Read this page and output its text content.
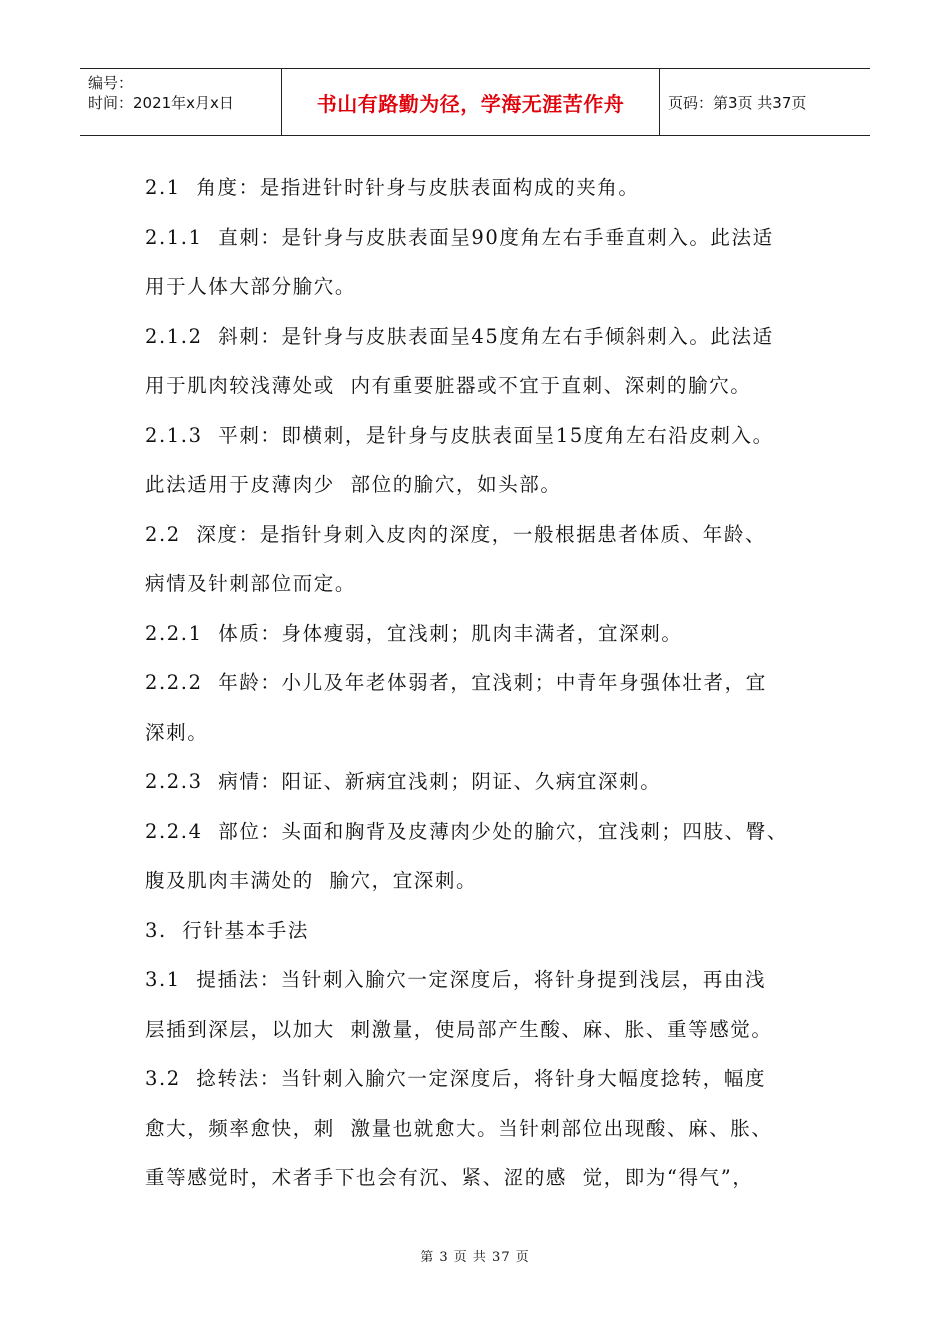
编号：
时间：2021年x月x日	书山有路勤为径，学海无涯苦作舟	页码：第3页 共37页
2.1  角度：是指进针时针身与皮肤表面构成的夹角。
2.1.1  直刺：是针身与皮肤表面呈90度角左右手垂直刺入。此法适
用于人体大部分腧穴。
2.1.2  斜刺：是针身与皮肤表面呈45度角左右手倾斜刺入。此法适
用于肌肉较浅薄处或  内有重要脏器或不宜于直刺、深刺的腧穴。
2.1.3  平刺：即横刺，是针身与皮肤表面呈15度角左右沿皮刺入。
此法适用于皮薄肉少  部位的腧穴，如头部。
2.2  深度：是指针身刺入皮肉的深度，一般根据患者体质、年龄、
病情及针刺部位而定。
2.2.1  体质：身体瘦弱，宜浅刺；肌肉丰满者，宜深刺。
2.2.2  年龄：小儿及年老体弱者，宜浅刺；中青年身强体壮者，宜
深刺。
2.2.3  病情：阳证、新病宜浅刺；阴证、久病宜深刺。
2.2.4  部位：头面和胸背及皮薄肉少处的腧穴，宜浅刺；四肢、臀、
腹及肌肉丰满处的  腧穴，宜深刺。
3.  行针基本手法
3.1  提插法：当针刺入腧穴一定深度后，将针身提到浅层，再由浅
层插到深层，以加大  刺激量，使局部产生酸、麻、胀、重等感觉。
3.2  捻转法：当针刺入腧穴一定深度后，将针身大幅度捻转，幅度
愈大，频率愈快，刺  激量也就愈大。当针刺部位出现酸、麻、胀、
重等感觉时，术者手下也会有沉、紧、涩的感  觉，即为“得气”，
第 3 页 共 37 页
